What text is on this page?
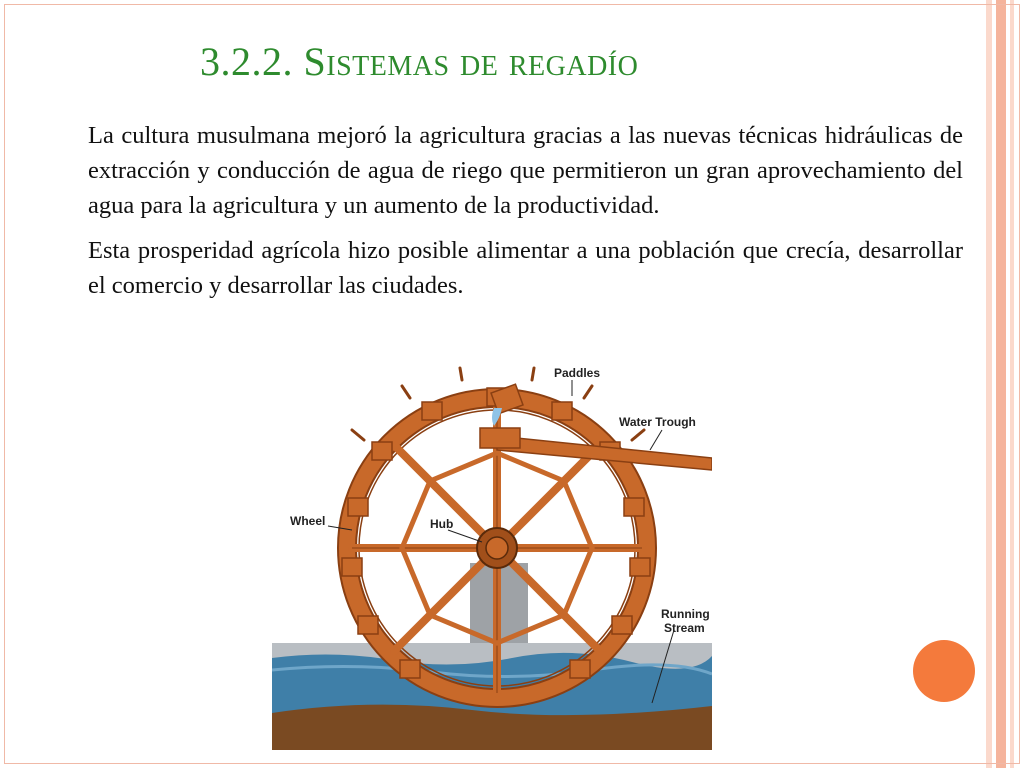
3.2.2. Sistemas de regadío

La cultura musulmana mejoró la agricultura gracias a las nuevas técnicas hidráulicas de extracción y conducción de agua de riego que permitieron un gran aprovechamiento del agua para la agricultura y un aumento de la productividad.

Esta prosperidad agrícola hizo posible alimentar a una población que crecía, desarrollar el comercio y desarrollar las ciudades.

Paddles
Water Trough
Wheel	Hub
Running
Stream
